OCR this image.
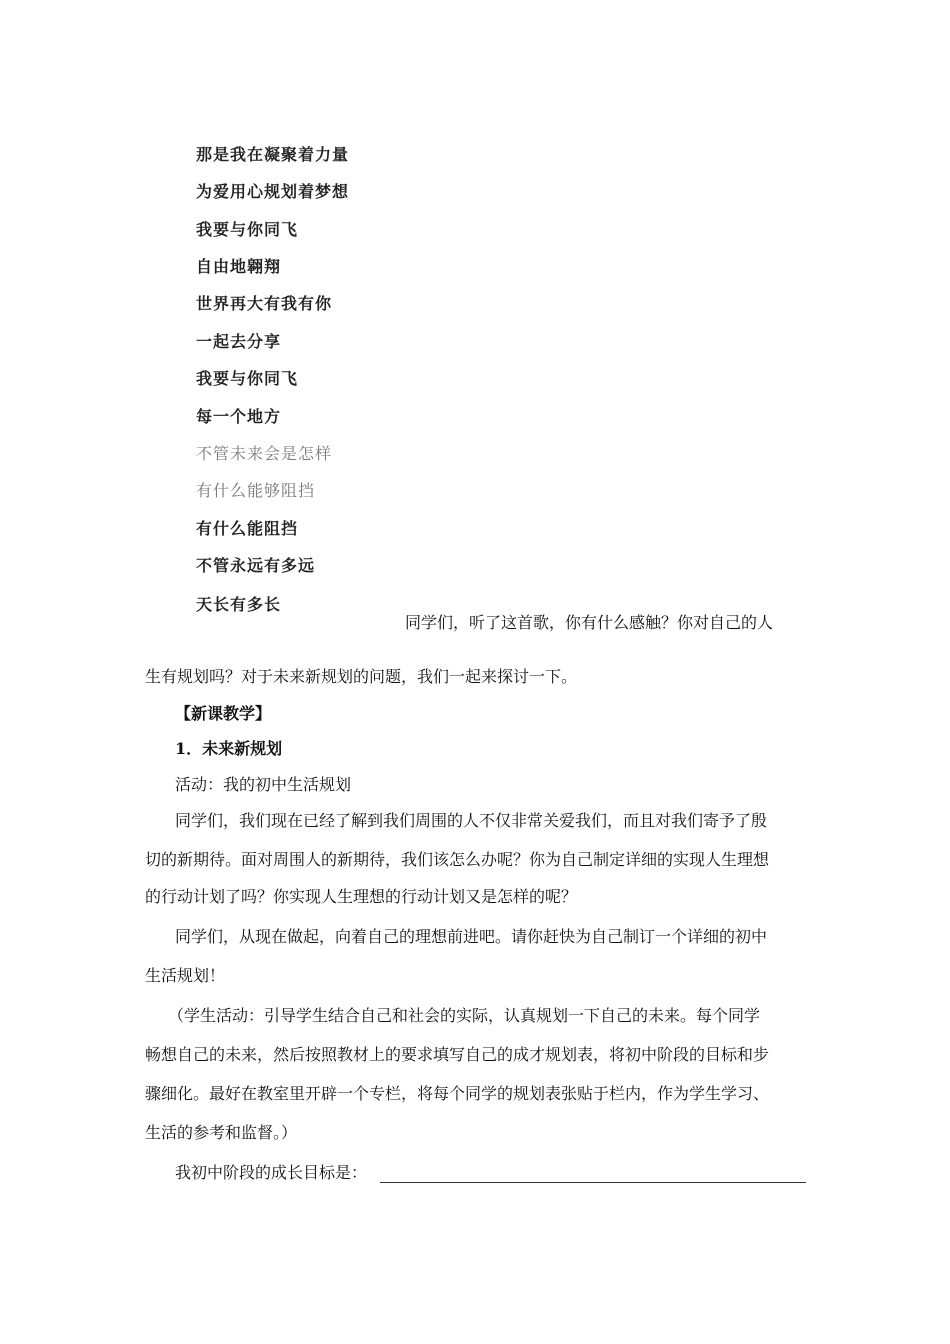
那是我在凝聚着力量
为爱用心规划着梦想
我要与你同飞
自由地翱翔
世界再大有我有你
一起去分享
我要与你同飞
每一个地方
不管未来会是怎样
有什么能够阻挡
有什么能阻挡
不管永远有多远
天长有多长
同学们，听了这首歌，你有什么感触？你对自己的人
生有规划吗？对于未来新规划的问题，我们一起来探讨一下。
【新课教学】
1．未来新规划
活动：我的初中生活规划
同学们，我们现在已经了解到我们周围的人不仅非常关爱我们，而且对我们寄予了殷
切的新期待。面对周围人的新期待，我们该怎么办呢？你为自己制定详细的实现人生理想
的行动计划了吗？你实现人生理想的行动计划又是怎样的呢？
同学们，从现在做起，向着自己的理想前进吧。请你赶快为自己制订一个详细的初中
生活规划！
（学生活动：引导学生结合自己和社会的实际，认真规划一下自己的未来。每个同学
畅想自己的未来，然后按照教材上的要求填写自己的成才规划表，将初中阶段的目标和步
骤细化。最好在教室里开辟一个专栏，将每个同学的规划表张贴于栏内，作为学生学习、
生活的参考和监督。）
我初中阶段的成长目标是：
